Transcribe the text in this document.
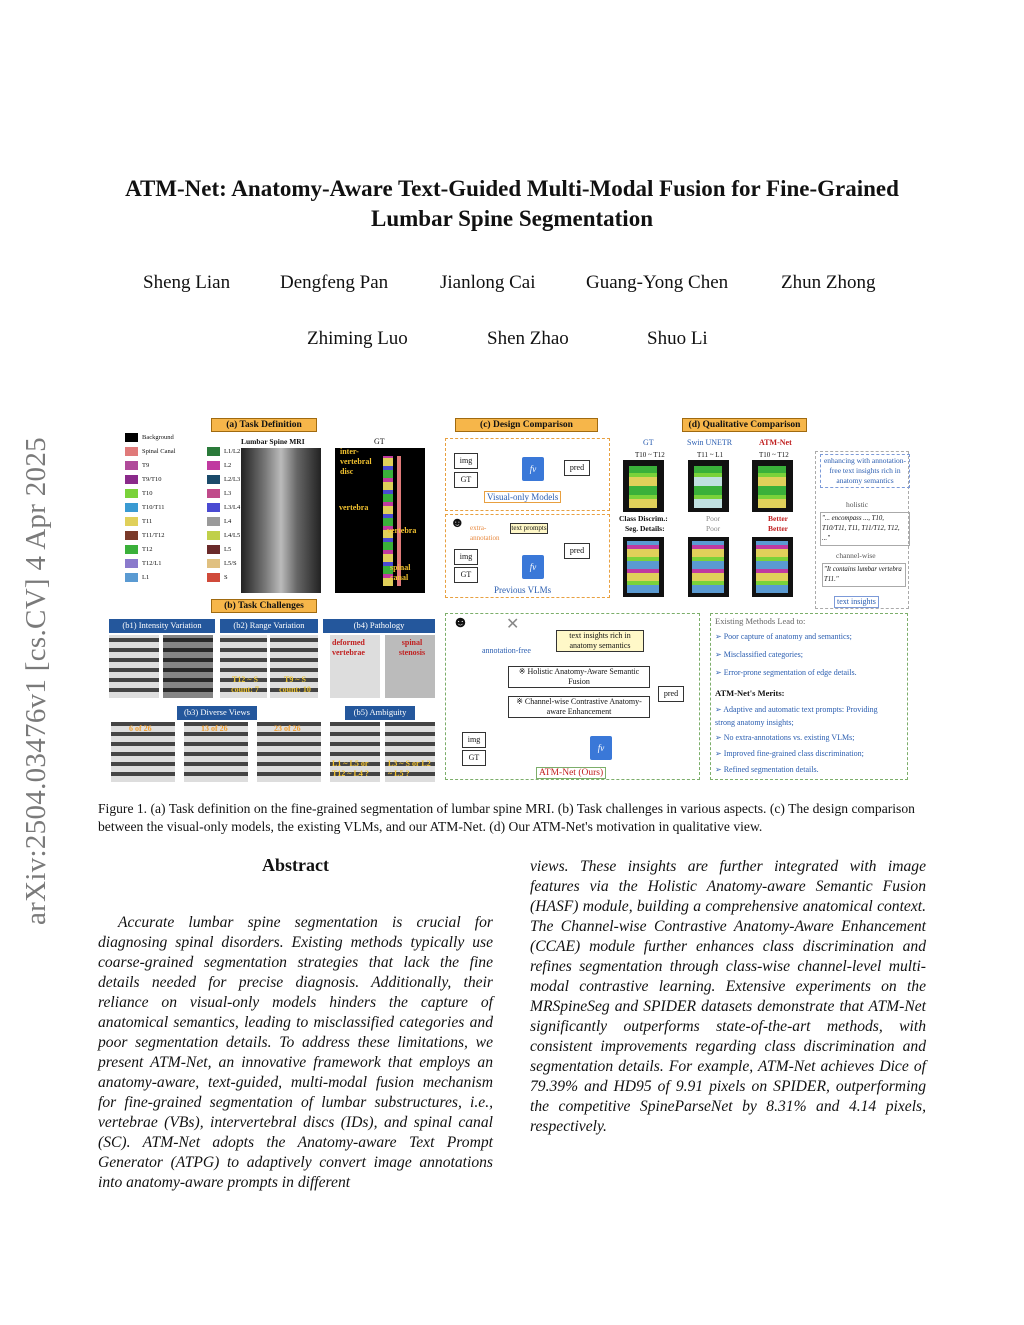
arXiv:2504.03476v1 [cs.CV] 4 Apr 2025
ATM-Net: Anatomy-Aware Text-Guided Multi-Modal Fusion for Fine-Grained
Lumbar Spine Segmentation
Sheng Lian	Dengfeng Pan	Jianlong Cai	Guang-Yong Chen	Zhun Zhong
Zhiming Luo	Shen Zhao	Shuo Li
(a) Task Definition
Background
Spinal Canal
T9
T9/T10
T10
T10/T11
T11
T11/T12
T12
T12/L1
L1
L1/L2
L2
L2/L3
L3
L3/L4
L4
L4/L5
L5
L5/S
S
Lumbar Spine MRI	GT
inter-vertebral disc
vertebra
vertebra
spinal canal
(b) Task Challenges
(b1) Intensity Variation	(b2) Range Variation	(b4) Pathology
T12 ~ S count: 7
T9 ~ S count: 10
deformed vertebrae
spinal stenosis
(b3) Diverse Views	(b5) Ambiguity
6 of 26	13 of 26	23 of 26
L1 ~ L5 or T12 ~ L4 ?
L3 ~ S or L2 ~ L5 ?
(c) Design Comparison
img
GT
fv	pred
Visual-only Models
☻ extra-annotation
text prompts
img
GT
fv
pred
Previous VLMs
☻ ✕
annotation-free
text insights rich in anatomy semantics
※ Holistic Anatomy-Aware Semantic Fusion
※ Channel-wise Contrastive Anatomy-aware Enhancement
pred
img
GT
fv
ATM-Net (Ours)
Existing Methods Lead to:
➢ Poor capture of anatomy and semantics;
➢ Misclassified categories;
➢ Error-prone segmentation of edge details.
ATM-Net's Merits:
➢ Adaptive and automatic text prompts: Providing strong anatomy insights;
➢ No extra-annotations vs. existing VLMs;
➢ Improved fine-grained class discrimination;
➢ Refined segmentation details.
(d) Qualitative Comparison
GT	Swin UNETR	ATM-Net
T10 ~ T12	T11 ~ L1	T10 ~ T12
Class Discrim.:
Seg. Details:
Poor
Poor
Better
Better
enhancing with annotation-free text insights rich in anatomy semantics
holistic
"... encompass ..., T10, T10/T11, T11, T11/T12, T12, ..."
channel-wise
"It contains lumbar vertebra T11."
text insights
Figure 1. (a) Task definition on the fine-grained segmentation of lumbar spine MRI. (b) Task challenges in various aspects. (c) The design comparison between the visual-only models, the existing VLMs, and our ATM-Net. (d) Our ATM-Net's motivation in qualitative view.
Abstract
Accurate lumbar spine segmentation is crucial for diagnosing spinal disorders. Existing methods typically use coarse-grained segmentation strategies that lack the fine details needed for precise diagnosis. Additionally, their reliance on visual-only models hinders the capture of anatomical semantics, leading to misclassified categories and poor segmentation details. To address these limitations, we present ATM-Net, an innovative framework that employs an anatomy-aware, text-guided, multi-modal fusion mechanism for fine-grained segmentation of lumbar substructures, i.e., vertebrae (VBs), intervertebral discs (IDs), and spinal canal (SC). ATM-Net adopts the Anatomy-aware Text Prompt Generator (ATPG) to adaptively convert image annotations into anatomy-aware prompts in different
views. These insights are further integrated with image features via the Holistic Anatomy-aware Semantic Fusion (HASF) module, building a comprehensive anatomical context. The Channel-wise Contrastive Anatomy-Aware Enhancement (CCAE) module further enhances class discrimination and refines segmentation through class-wise channel-level multi-modal contrastive learning. Extensive experiments on the MRSpineSeg and SPIDER datasets demonstrate that ATM-Net significantly outperforms state-of-the-art methods, with consistent improvements regarding class discrimination and segmentation details. For example, ATM-Net achieves Dice of 79.39% and HD95 of 9.91 pixels on SPIDER, outperforming the competitive SpineParseNet by 8.31% and 4.14 pixels, respectively.
